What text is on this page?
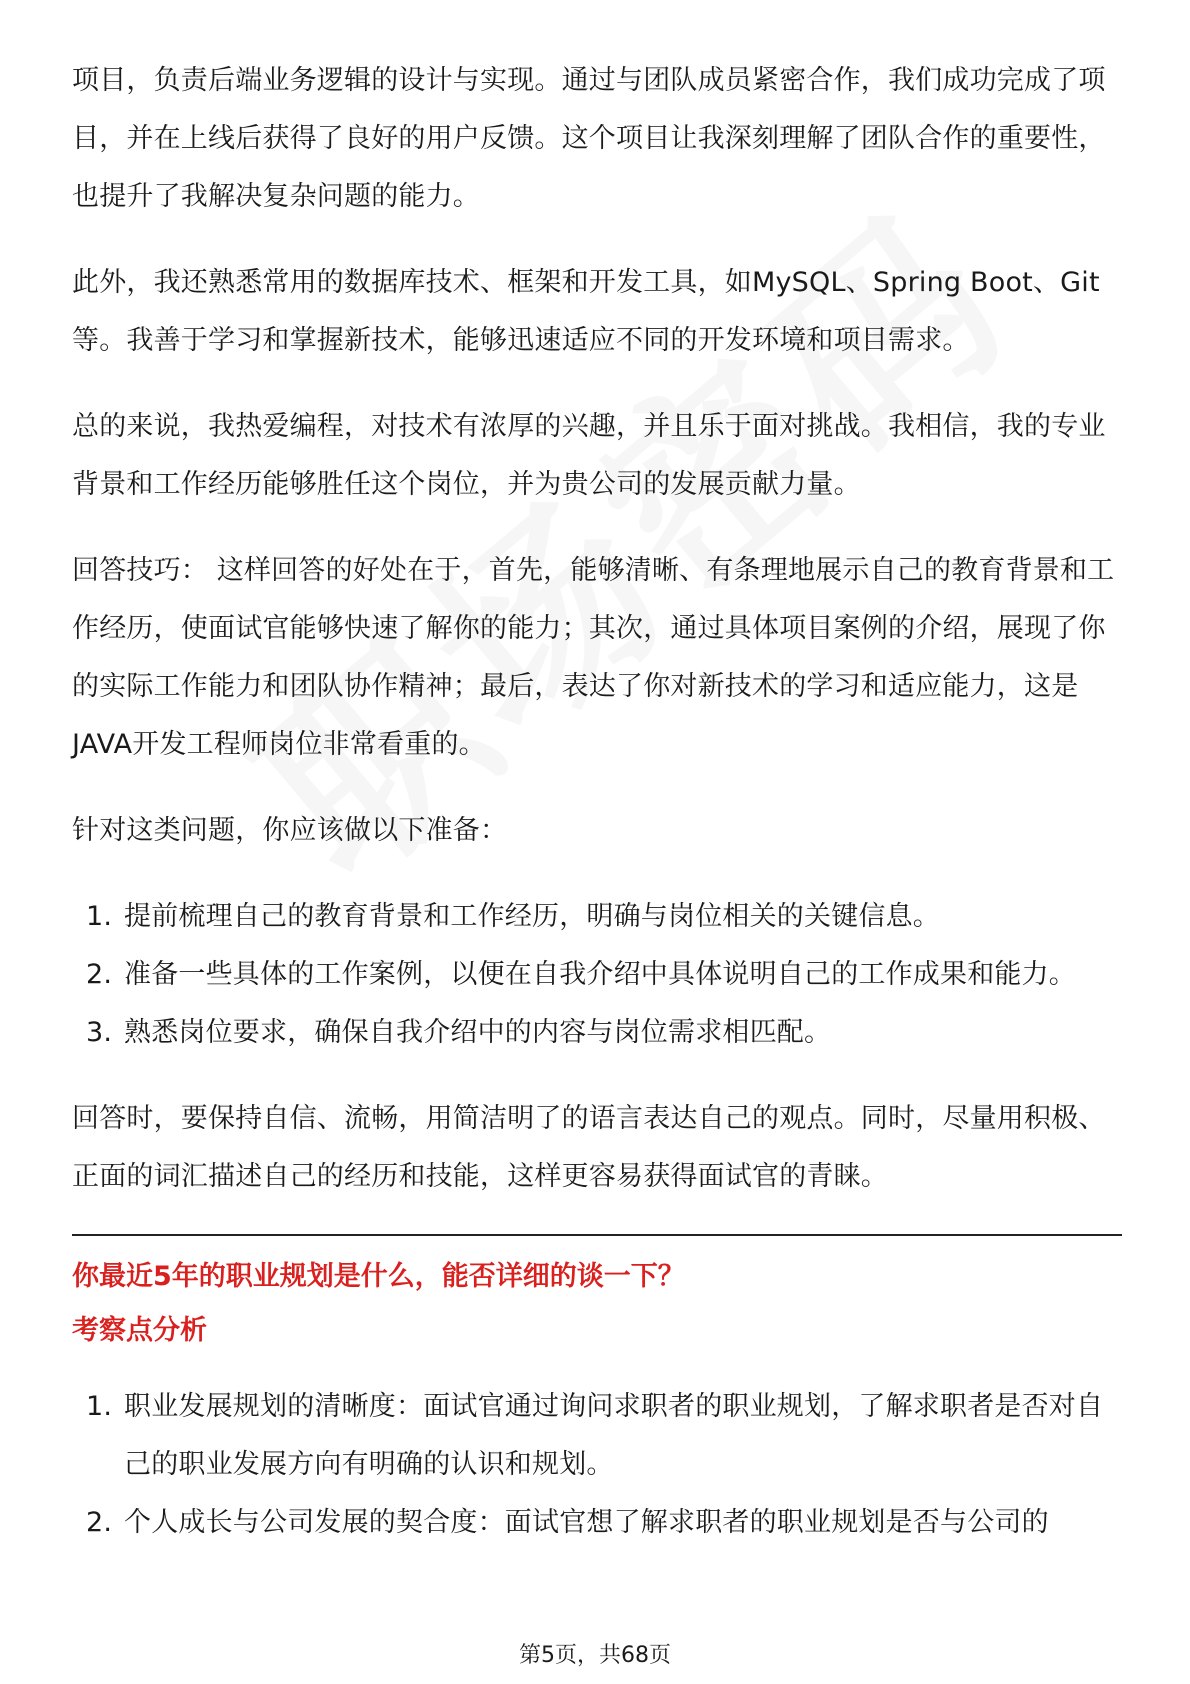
项目，负责后端业务逻辑的设计与实现。通过与团队成员紧密合作，我们成功完成了项目，并在上线后获得了良好的用户反馈。这个项目让我深刻理解了团队合作的重要性，也提升了我解决复杂问题的能力。

此外，我还熟悉常用的数据库技术、框架和开发工具，如MySQL、Spring Boot、Git等。我善于学习和掌握新技术，能够迅速适应不同的开发环境和项目需求。

总的来说，我热爱编程，对技术有浓厚的兴趣，并且乐于面对挑战。我相信，我的专业背景和工作经历能够胜任这个岗位，并为贵公司的发展贡献力量。

回答技巧： 这样回答的好处在于，首先，能够清晰、有条理地展示自己的教育背景和工作经历，使面试官能够快速了解你的能力；其次，通过具体项目案例的介绍，展现了你的实际工作能力和团队协作精神；最后，表达了你对新技术的学习和适应能力，这是JAVA开发工程师岗位非常看重的。

针对这类问题，你应该做以下准备：

1. 提前梳理自己的教育背景和工作经历，明确与岗位相关的关键信息。
2. 准备一些具体的工作案例，以便在自我介绍中具体说明自己的工作成果和能力。
3. 熟悉岗位要求，确保自我介绍中的内容与岗位需求相匹配。

回答时，要保持自信、流畅，用简洁明了的语言表达自己的观点。同时，尽量用积极、正面的词汇描述自己的经历和技能，这样更容易获得面试官的青睐。

你最近5年的职业规划是什么，能否详细的谈一下？

考察点分析

1. 职业发展规划的清晰度：面试官通过询问求职者的职业规划，了解求职者是否对自己的职业发展方向有明确的认识和规划。
2. 个人成长与公司发展的契合度：面试官想了解求职者的职业规划是否与公司的
第5页，共68页
